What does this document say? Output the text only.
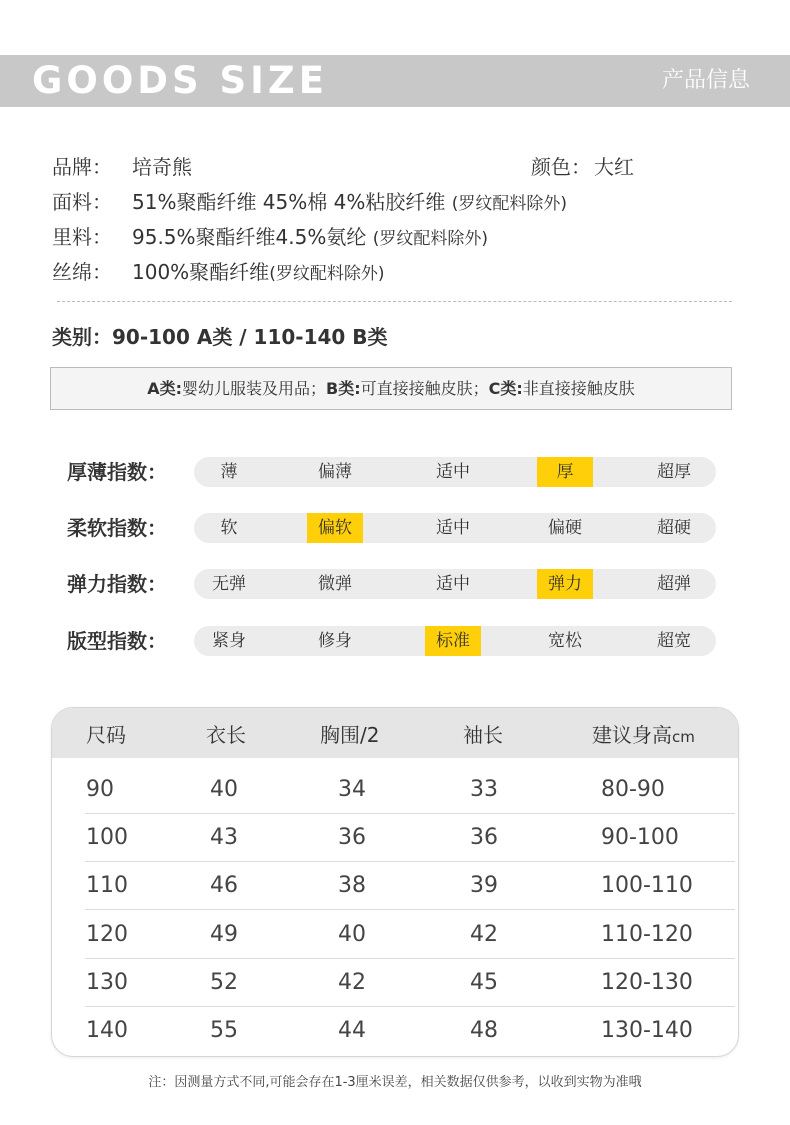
GOODS SIZE	产品信息
品牌： 培奇熊	颜色： 大红
面料： 51%聚酯纤维 45%棉 4%粘胶纤维 (罗纹配料除外)
里料： 95.5%聚酯纤维4.5%氨纶 (罗纹配料除外)
丝绵： 100%聚酯纤维(罗纹配料除外)
类别：90-100 A类 / 110-140 B类
A类:婴幼儿服装及用品；B类:可直接接触皮肤；C类:非直接接触皮肤
厚薄指数：	薄	偏薄	适中	厚	超厚
柔软指数：	软	偏软	适中	偏硬	超硬
弹力指数：	无弹	微弹	适中	弹力	超弹
版型指数：	紧身	修身	标准	宽松	超宽
尺码	衣长	胸围/2	袖长	建议身高cm
90	40	34	33	80-90
100	43	36	36	90-100
110	46	38	39	100-110
120	49	40	42	110-120
130	52	42	45	120-130
140	55	44	48	130-140
注：因测量方式不同,可能会存在1-3厘米误差，相关数据仅供参考，以收到实物为准哦
